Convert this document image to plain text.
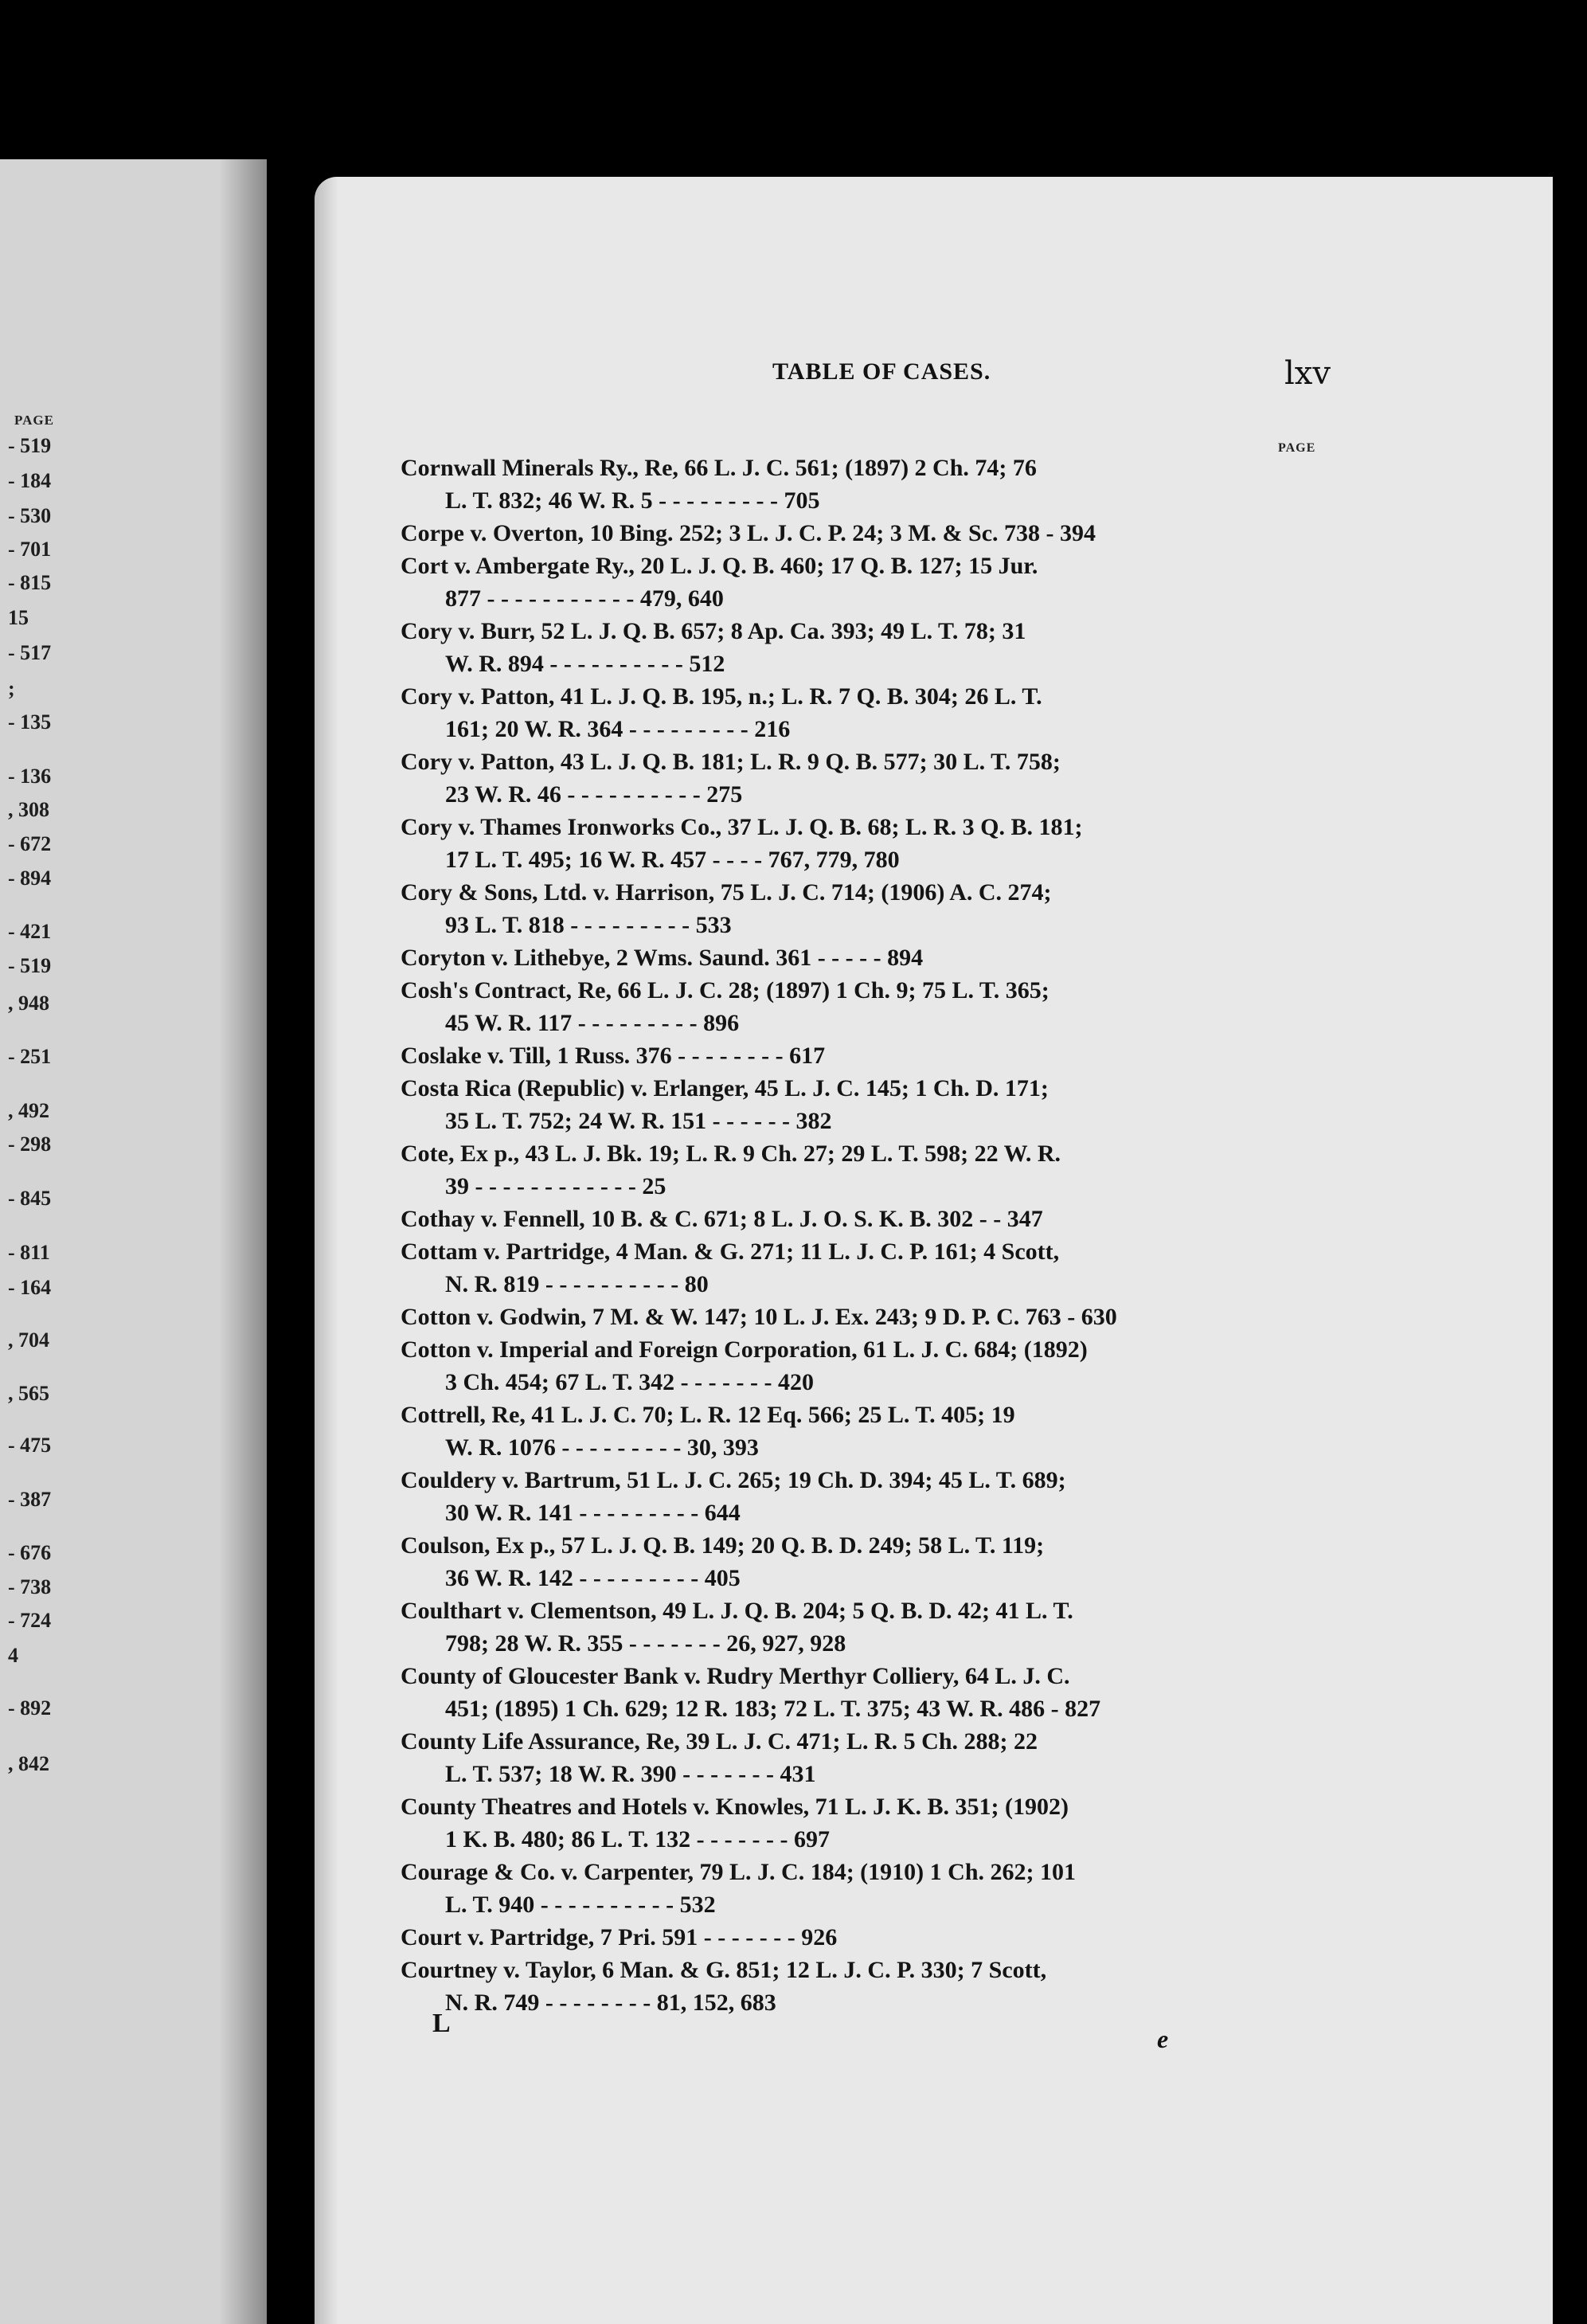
PAGE
- 519
- 184
- 530
- 701
- 815
15
- 517
;
- 135
- 136
, 308
- 672
- 894
- 421
- 519
, 948
- 251
, 492
- 298
- 845
- 811
- 164
, 704
, 565
- 475
- 387
- 676
- 738
- 724
4
- 892
, 842
TABLE OF CASES.	lxv
PAGE
Cornwall Minerals Ry., Re, 66 L. J. C. 561; (1897) 2 Ch. 74; 76
L. T. 832; 46 W. R. 5 - - - - - - - - - 705
Corpe v. Overton, 10 Bing. 252; 3 L. J. C. P. 24; 3 M. & Sc. 738 - 394
Cort v. Ambergate Ry., 20 L. J. Q. B. 460; 17 Q. B. 127; 15 Jur.
877 - - - - - - - - - - - 479, 640
Cory v. Burr, 52 L. J. Q. B. 657; 8 Ap. Ca. 393; 49 L. T. 78; 31
W. R. 894 - - - - - - - - - - 512
Cory v. Patton, 41 L. J. Q. B. 195, n.; L. R. 7 Q. B. 304; 26 L. T.
161; 20 W. R. 364 - - - - - - - - - 216
Cory v. Patton, 43 L. J. Q. B. 181; L. R. 9 Q. B. 577; 30 L. T. 758;
23 W. R. 46 - - - - - - - - - - 275
Cory v. Thames Ironworks Co., 37 L. J. Q. B. 68; L. R. 3 Q. B. 181;
17 L. T. 495; 16 W. R. 457 - - - - 767, 779, 780
Cory & Sons, Ltd. v. Harrison, 75 L. J. C. 714; (1906) A. C. 274;
93 L. T. 818 - - - - - - - - - 533
Coryton v. Lithebye, 2 Wms. Saund. 361 - - - - - 894
Cosh's Contract, Re, 66 L. J. C. 28; (1897) 1 Ch. 9; 75 L. T. 365;
45 W. R. 117 - - - - - - - - - 896
Coslake v. Till, 1 Russ. 376 - - - - - - - - 617
Costa Rica (Republic) v. Erlanger, 45 L. J. C. 145; 1 Ch. D. 171;
35 L. T. 752; 24 W. R. 151 - - - - - - 382
Cote, Ex p., 43 L. J. Bk. 19; L. R. 9 Ch. 27; 29 L. T. 598; 22 W. R.
39 - - - - - - - - - - - - 25
Cothay v. Fennell, 10 B. & C. 671; 8 L. J. O. S. K. B. 302 - - 347
Cottam v. Partridge, 4 Man. & G. 271; 11 L. J. C. P. 161; 4 Scott,
N. R. 819 - - - - - - - - - - 80
Cotton v. Godwin, 7 M. & W. 147; 10 L. J. Ex. 243; 9 D. P. C. 763 - 630
Cotton v. Imperial and Foreign Corporation, 61 L. J. C. 684; (1892)
3 Ch. 454; 67 L. T. 342 - - - - - - - 420
Cottrell, Re, 41 L. J. C. 70; L. R. 12 Eq. 566; 25 L. T. 405; 19
W. R. 1076 - - - - - - - - - 30, 393
Couldery v. Bartrum, 51 L. J. C. 265; 19 Ch. D. 394; 45 L. T. 689;
30 W. R. 141 - - - - - - - - - 644
Coulson, Ex p., 57 L. J. Q. B. 149; 20 Q. B. D. 249; 58 L. T. 119;
36 W. R. 142 - - - - - - - - - 405
Coulthart v. Clementson, 49 L. J. Q. B. 204; 5 Q. B. D. 42; 41 L. T.
798; 28 W. R. 355 - - - - - - - 26, 927, 928
County of Gloucester Bank v. Rudry Merthyr Colliery, 64 L. J. C.
451; (1895) 1 Ch. 629; 12 R. 183; 72 L. T. 375; 43 W. R. 486 - 827
County Life Assurance, Re, 39 L. J. C. 471; L. R. 5 Ch. 288; 22
L. T. 537; 18 W. R. 390 - - - - - - - 431
County Theatres and Hotels v. Knowles, 71 L. J. K. B. 351; (1902)
1 K. B. 480; 86 L. T. 132 - - - - - - - 697
Courage & Co. v. Carpenter, 79 L. J. C. 184; (1910) 1 Ch. 262; 101
L. T. 940 - - - - - - - - - - 532
Court v. Partridge, 7 Pri. 591 - - - - - - - 926
Courtney v. Taylor, 6 Man. & G. 851; 12 L. J. C. P. 330; 7 Scott,
N. R. 749 - - - - - - - - 81, 152, 683
L
e
